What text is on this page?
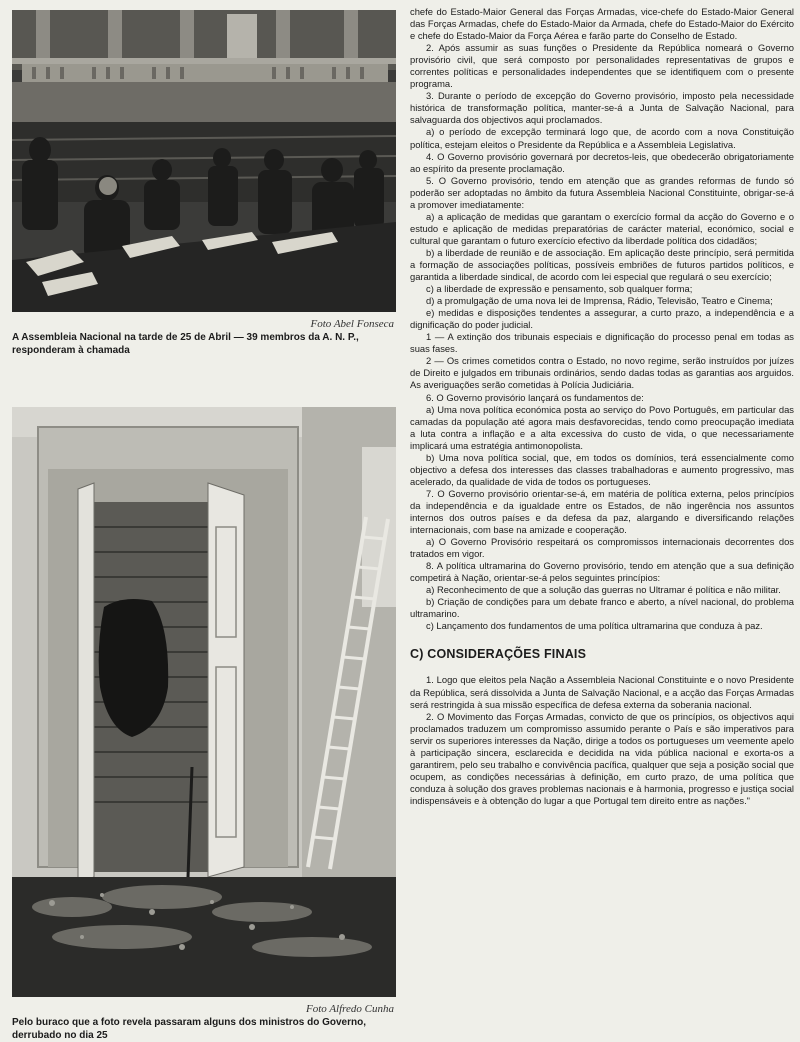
Foto Abel Fonseca
A Assembleia Nacional na tarde de 25 de Abril — 39 membros da A. N. P., responderam à chamada
Foto Alfredo Cunha
Pelo buraco que a foto revela passaram alguns dos ministros do Governo, derrubado no dia 25

chefe do Estado-Maior General das Forças Armadas, vice-chefe do Estado-Maior General das Forças Armadas, chefe do Estado-Maior da Armada, chefe do Estado-Maior do Exército e chefe do Estado-Maior da Força Aérea e farão parte do Conselho de Estado.

2. Após assumir as suas funções o Presidente da República nomeará o Governo provisório civil, que será composto por personalidades representativas de grupos e correntes políticas e personalidades independentes que se identifiquem com o presente programa.

3. Durante o período de excepção do Governo provisório, imposto pela necessidade histórica de transformação política, manter-se-á a Junta de Salvação Nacional, para salvaguarda dos objectivos aqui proclamados.

a) o período de excepção terminará logo que, de acordo com a nova Constituição política, estejam eleitos o Presidente da República e a Assembleia Legislativa.

4. O Governo provisório governará por decretos-leis, que obedecerão obrigatoriamente ao espírito da presente proclamação.

5. O Governo provisório, tendo em atenção que as grandes reformas de fundo só poderão ser adoptadas no âmbito da futura Assembleia Nacional Constituinte, obrigar-se-á a promover imediatamente:

a) a aplicação de medidas que garantam o exercício formal da acção do Governo e o estudo e aplicação de medidas preparatórias de carácter material, económico, social e cultural que garantam o futuro exercício efectivo da liberdade política dos cidadãos;

b) a liberdade de reunião e de associação. Em aplicação deste princípio, será permitida a formação de associações políticas, possíveis embriões de futuros partidos políticos, e garantida a liberdade sindical, de acordo com lei especial que regulará o seu exercício;

c) a liberdade de expressão e pensamento, sob qualquer forma;

d) a promulgação de uma nova lei de Imprensa, Rádio, Televisão, Teatro e Cinema;

e) medidas e disposições tendentes a assegurar, a curto prazo, a independência e a dignificação do poder judicial.

1 — A extinção dos tribunais especiais e dignificação do processo penal em todas as suas fases.

2 — Os crimes cometidos contra o Estado, no novo regime, serão instruídos por juízes de Direito e julgados em tribunais ordinários, sendo dadas todas as garantias aos arguidos. As averiguações serão cometidas à Polícia Judiciária.

6. O Governo provisório lançará os fundamentos de:

a) Uma nova política económica posta ao serviço do Povo Português, em particular das camadas da população até agora mais desfavorecidas, tendo como preocupação imediata a luta contra a inflação e a alta excessiva do custo de vida, o que necessariamente implicará uma estratégia antimonopolista.

b) Uma nova política social, que, em todos os domínios, terá essencialmente como objectivo a defesa dos interesses das classes trabalhadoras e aumento progressivo, mas acelerado, da qualidade de vida de todos os portugueses.

7. O Governo provisório orientar-se-á, em matéria de política externa, pelos princípios da independência e da igualdade entre os Estados, de não ingerência nos assuntos internos dos outros países e da defesa da paz, alargando e diversificando relações internacionais, com base na amizade e cooperação.

a) O Governo Provisório respeitará os compromissos internacionais decorrentes dos tratados em vigor.

8. A política ultramarina do Governo provisório, tendo em atenção que a sua definição competirá à Nação, orientar-se-á pelos seguintes princípios:

a) Reconhecimento de que a solução das guerras no Ultramar é política e não militar.

b) Criação de condições para um debate franco e aberto, a nível nacional, do problema ultramarino.

c) Lançamento dos fundamentos de uma política ultramarina que conduza à paz.

C) CONSIDERAÇÕES FINAIS

1. Logo que eleitos pela Nação a Assembleia Nacional Constituinte e o novo Presidente da República, será dissolvida a Junta de Salvação Nacional, e a acção das Forças Armadas será restringida à sua missão específica de defesa externa da soberania nacional.

2. O Movimento das Forças Armadas, convicto de que os princípios, os objectivos aqui proclamados traduzem um compromisso assumido perante o País e são imperativos para servir os superiores interesses da Nação, dirige a todos os portugueses um veemente apelo à participação sincera, esclarecida e decidida na vida pública nacional e exorta-os a garantirem, pelo seu trabalho e convivência pacífica, qualquer que seja a posição social que ocupem, as condições necessárias à definição, em curto prazo, de uma política que conduza à solução dos graves problemas nacionais e à harmonia, progresso e justiça social indispensáveis e à obtenção do lugar a que Portugal tem direito entre as nações."
